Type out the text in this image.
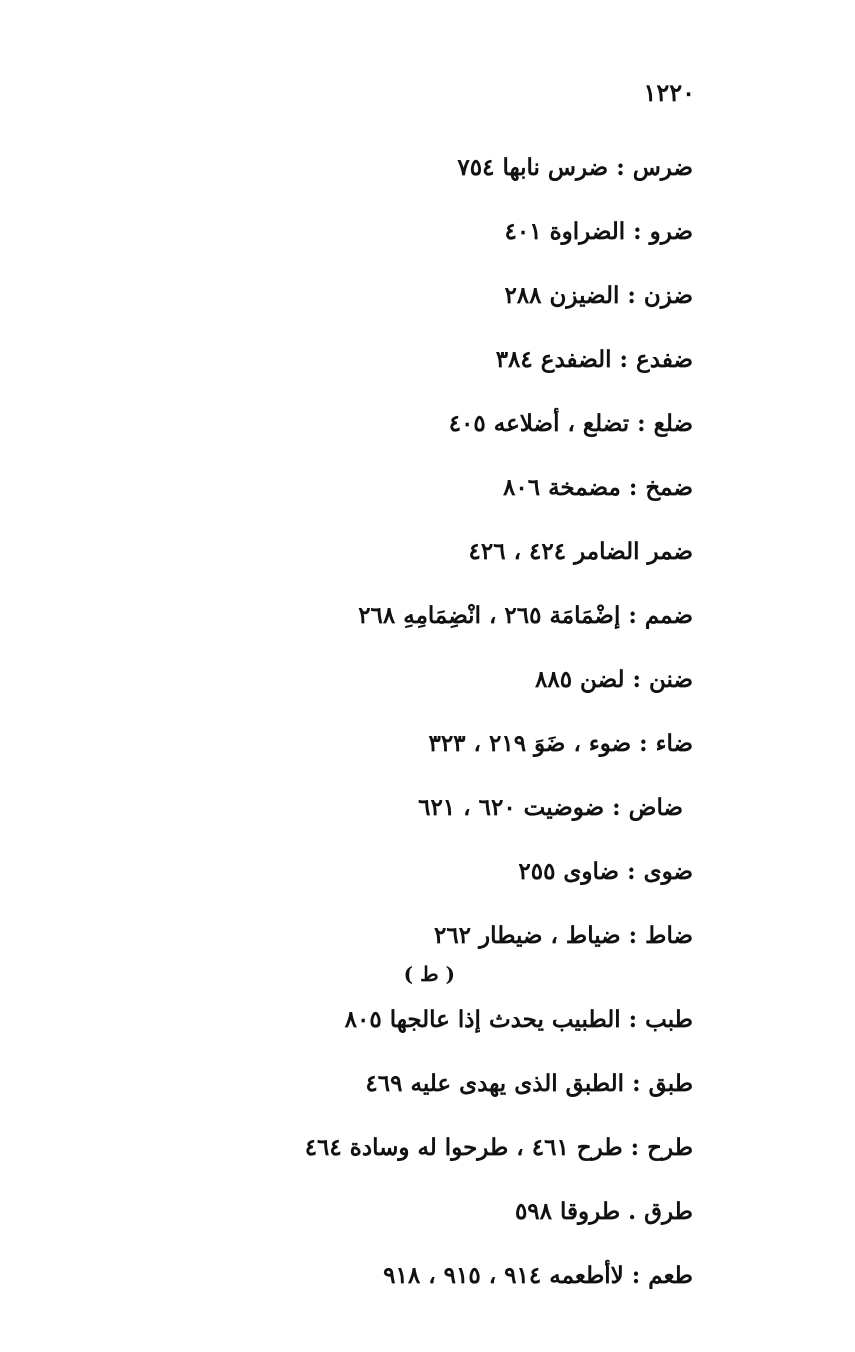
١٢٢٠
ضرس : ضرس نابها ٧٥٤
ضرو : الضراوة ٤٠١
ضزن : الضيزن ٢٨٨
ضفدع : الضفدع ٣٨٤
ضلع : تضلع ، أضلاعه ٤٠٥
ضمخ : مضمخة ٨٠٦
ضمر الضامر ٤٢٤ ، ٤٢٦
ضمم : إضْمَامَة ٢٦٥ ، انْضِمَامِهِ ٢٦٨
ضنن : لضن ٨٨٥
ضاء : ضوء ، ضَوَ ٢١٩ ، ٣٢٣
ضاض : ضوضيت ٦٢٠ ، ٦٢١
ضوى : ضاوى ٢٥٥
ضاط : ضياط ، ضيطار ٢٦٢
( ط )
طبب : الطبيب يحدث إذا عالجها ٨٠٥
طبق : الطبق الذى يهدى عليه ٤٦٩
طرح : طرح ٤٦١ ، طرحوا له وسادة ٤٦٤
طرق . طروقا ٥٩٨
طعم : لاأطعمه ٩١٤ ، ٩١٥ ، ٩١٨
